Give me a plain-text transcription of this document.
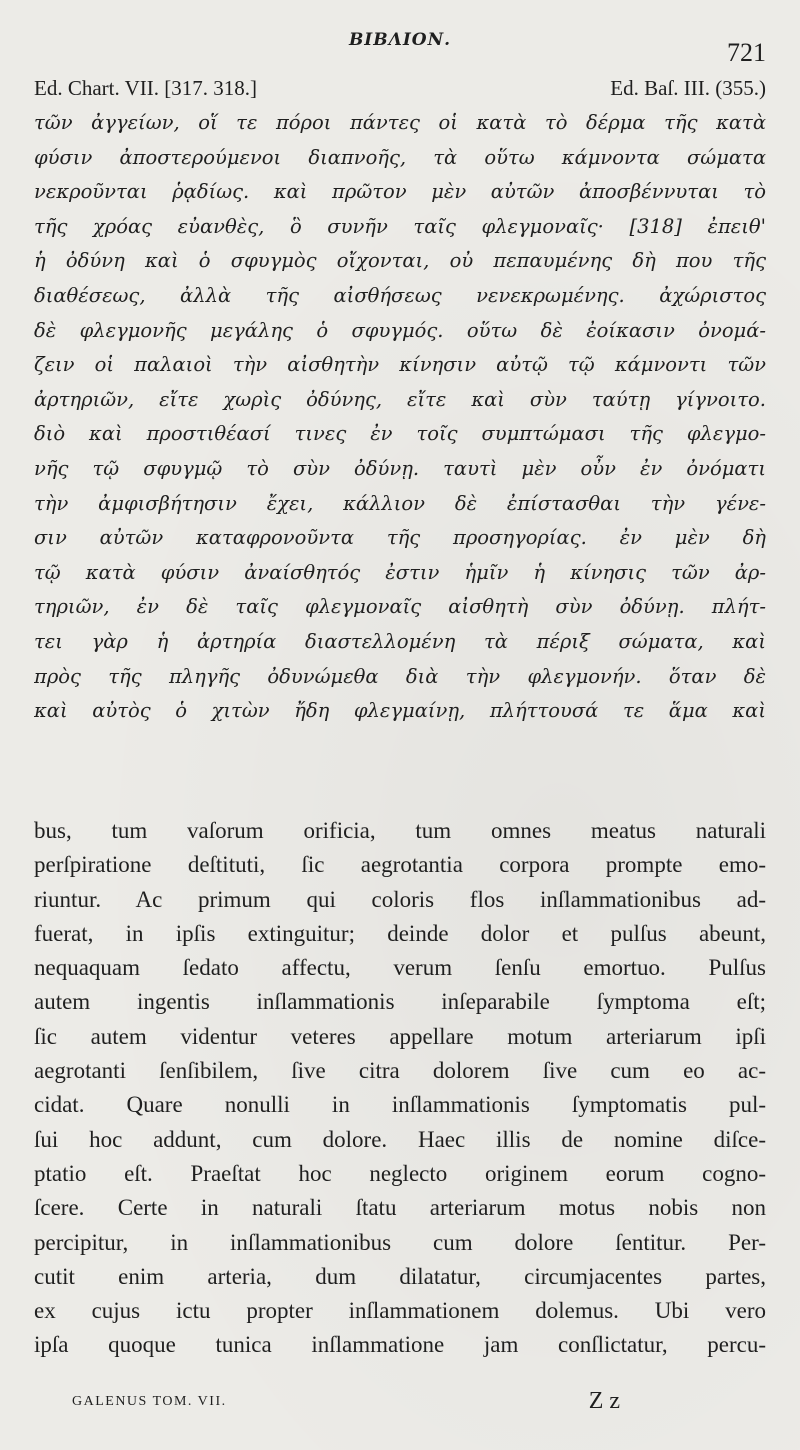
ΒΙΒΛΙΟΝ.	721
Ed. Chart. VII. [317. 318.]	Ed. Baſ. III. (355.)
τῶν ἀγγείων, οἵ τε πόροι πάντες οἱ κατὰ τὸ δέρμα τῆς κατὰ
φύσιν ἀποστερούμενοι διαπνοῆς, τὰ οὕτω κάμνοντα σώματα
νεκροῦνται ῥᾳδίως. καὶ πρῶτον μὲν αὐτῶν ἀποσβέννυται τὸ
τῆς χρόας εὐανθὲς, ὃ συνῆν ταῖς φλεγμοναῖς· [318] ἐπειθ'
ἡ ὀδύνη καὶ ὁ σφυγμὸς οἴχονται, οὐ πεπαυμένης δὴ που τῆς
διαθέσεως, ἀλλὰ τῆς αἰσθήσεως νενεκρωμένης. ἀχώριστος
δὲ φλεγμονῆς μεγάλης ὁ σφυγμός. οὕτω δὲ ἐοίκασιν ὀνομά-
ζειν οἱ παλαιοὶ τὴν αἰσθητὴν κίνησιν αὐτῷ τῷ κάμνοντι τῶν
ἀρτηριῶν, εἴτε χωρὶς ὀδύνης, εἴτε καὶ σὺν ταύτῃ γίγνοιτο.
διὸ καὶ προστιθέασί τινες ἐν τοῖς συμπτώμασι τῆς φλεγμο-
νῆς τῷ σφυγμῷ τὸ σὺν ὀδύνῃ. ταυτὶ μὲν οὖν ἐν ὀνόματι
τὴν ἀμφισβήτησιν ἔχει, κάλλιον δὲ ἐπίστασθαι τὴν γένε-
σιν αὐτῶν καταφρονοῦντα τῆς προσηγορίας. ἐν μὲν δὴ
τῷ κατὰ φύσιν ἀναίσθητός ἐστιν ἡμῖν ἡ κίνησις τῶν ἀρ-
τηριῶν, ἐν δὲ ταῖς φλεγμοναῖς αἰσθητὴ σὺν ὀδύνῃ. πλήτ-
τει γὰρ ἡ ἀρτηρία διαστελλομένη τὰ πέριξ σώματα, καὶ
πρὸς τῆς πληγῆς ὀδυνώμεθα διὰ τὴν φλεγμονήν. ὅταν δὲ
καὶ αὐτὸς ὁ χιτὼν ἤδη φλεγμαίνῃ, πλήττουσά τε ἅμα καὶ
bus, tum vaſorum orificia, tum omnes meatus naturali
perſpiratione deſtituti, ſic aegrotantia corpora prompte emo-
riuntur. Ac primum qui coloris flos inſlammationibus ad-
fuerat, in ipſis extinguitur; deinde dolor et pulſus abeunt,
nequaquam ſedato affectu, verum ſenſu emortuo. Pulſus
autem ingentis inſlammationis inſeparabile ſymptoma eſt;
ſic autem videntur veteres appellare motum arteriarum ipſi
aegrotanti ſenſibilem, ſive citra dolorem ſive cum eo ac-
cidat. Quare nonulli in inſlammationis ſymptomatis pul-
ſui hoc addunt, cum dolore. Haec illis de nomine diſce-
ptatio eſt. Praeſtat hoc neglecto originem eorum cogno-
ſcere. Certe in naturali ſtatu arteriarum motus nobis non
percipitur, in inſlammationibus cum dolore ſentitur. Per-
cutit enim arteria, dum dilatatur, circumjacentes partes,
ex cujus ictu propter inſlammationem dolemus. Ubi vero
ipſa quoque tunica inſlammatione jam conſlictatur, percu-
GALENUS TOM. VII.	Z z
